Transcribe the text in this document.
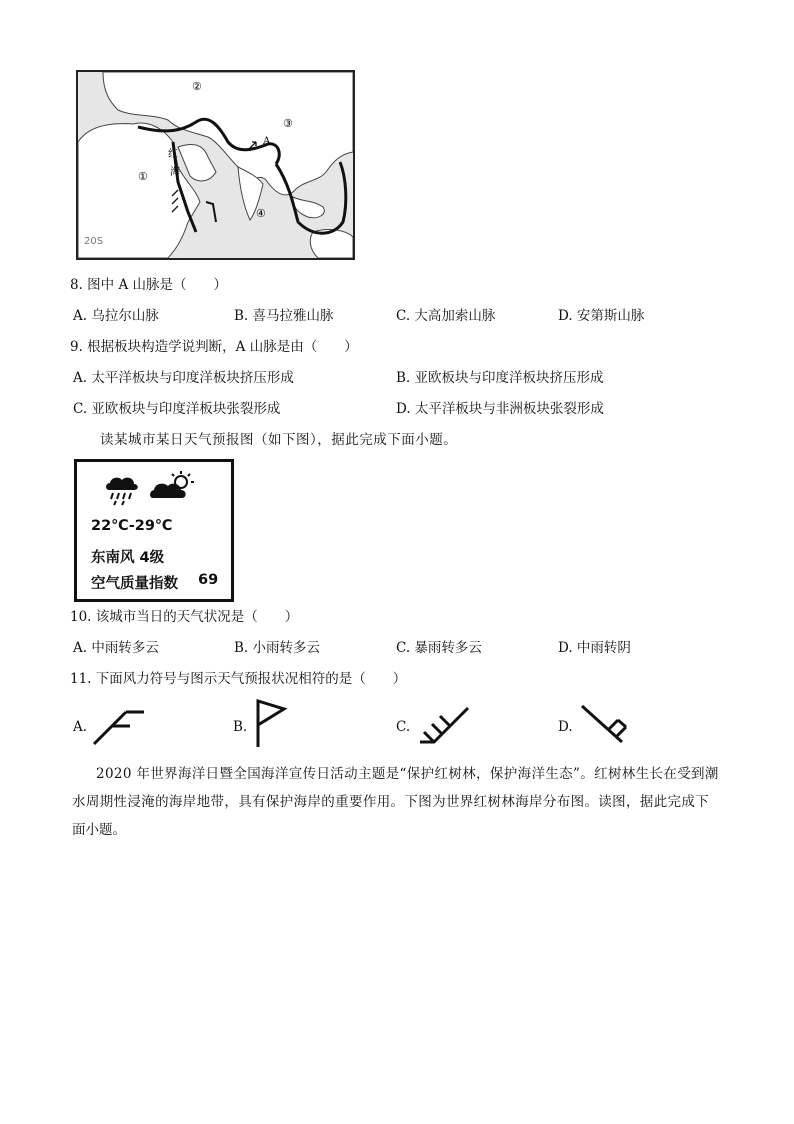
①
②
③
④
红
海
A
20S
8. 图中 A 山脉是（　　）
A. 乌拉尔山脉	B. 喜马拉雅山脉	C. 大高加索山脉	D. 安第斯山脉
9. 根据板块构造学说判断，A 山脉是由（　　）
A. 太平洋板块与印度洋板块挤压形成	B. 亚欧板块与印度洋板块挤压形成
C. 亚欧板块与印度洋板块张裂形成	D. 太平洋板块与非洲板块张裂形成
读某城市某日天气预报图（如下图），据此完成下面小题。
22℃-29℃
东南风 4级
空气质量指数 69
10. 该城市当日的天气状况是（　　）
A. 中雨转多云	B. 小雨转多云	C. 暴雨转多云	D. 中雨转阴
11. 下面风力符号与图示天气预报状况相符的是（　　）
A.	B.	C.	D.
2020 年世界海洋日暨全国海洋宣传日活动主题是“保护红树林，保护海洋生态”。红树林生长在受到潮
水周期性浸淹的海岸地带，具有保护海岸的重要作用。下图为世界红树林海岸分布图。读图，据此完成下
面小题。
